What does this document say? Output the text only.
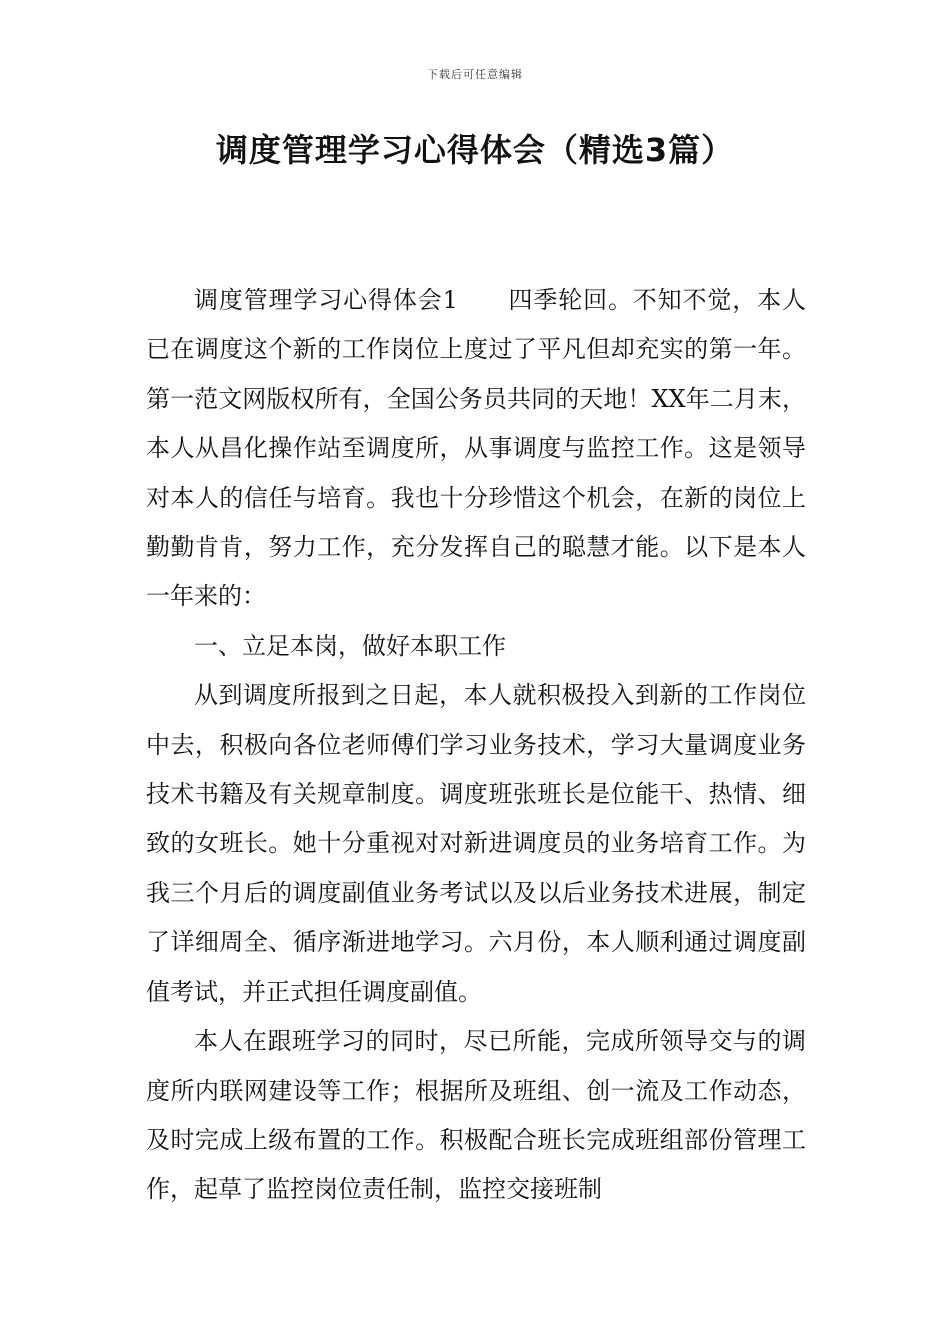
下载后可任意编辑
调度管理学习心得体会（精选3篇）

调度管理学习心得体会1　　四季轮回。不知不觉，本人已在调度这个新的工作岗位上度过了平凡但却充实的第一年。第一范文网版权所有，全国公务员共同的天地！XX年二月末，本人从昌化操作站至调度所，从事调度与监控工作。这是领导对本人的信任与培育。我也十分珍惜这个机会，在新的岗位上勤勤肯肯，努力工作，充分发挥自己的聪慧才能。以下是本人一年来的：

一、立足本岗，做好本职工作

从到调度所报到之日起，本人就积极投入到新的工作岗位中去，积极向各位老师傅们学习业务技术，学习大量调度业务技术书籍及有关规章制度。调度班张班长是位能干、热情、细致的女班长。她十分重视对对新进调度员的业务培育工作。为我三个月后的调度副值业务考试以及以后业务技术进展，制定了详细周全、循序渐进地学习。六月份，本人顺利通过调度副值考试，并正式担任调度副值。

本人在跟班学习的同时，尽已所能，完成所领导交与的调度所内联网建设等工作；根据所及班组、创一流及工作动态，及时完成上级布置的工作。积极配合班长完成班组部份管理工作，起草了监控岗位责任制，监控交接班制
